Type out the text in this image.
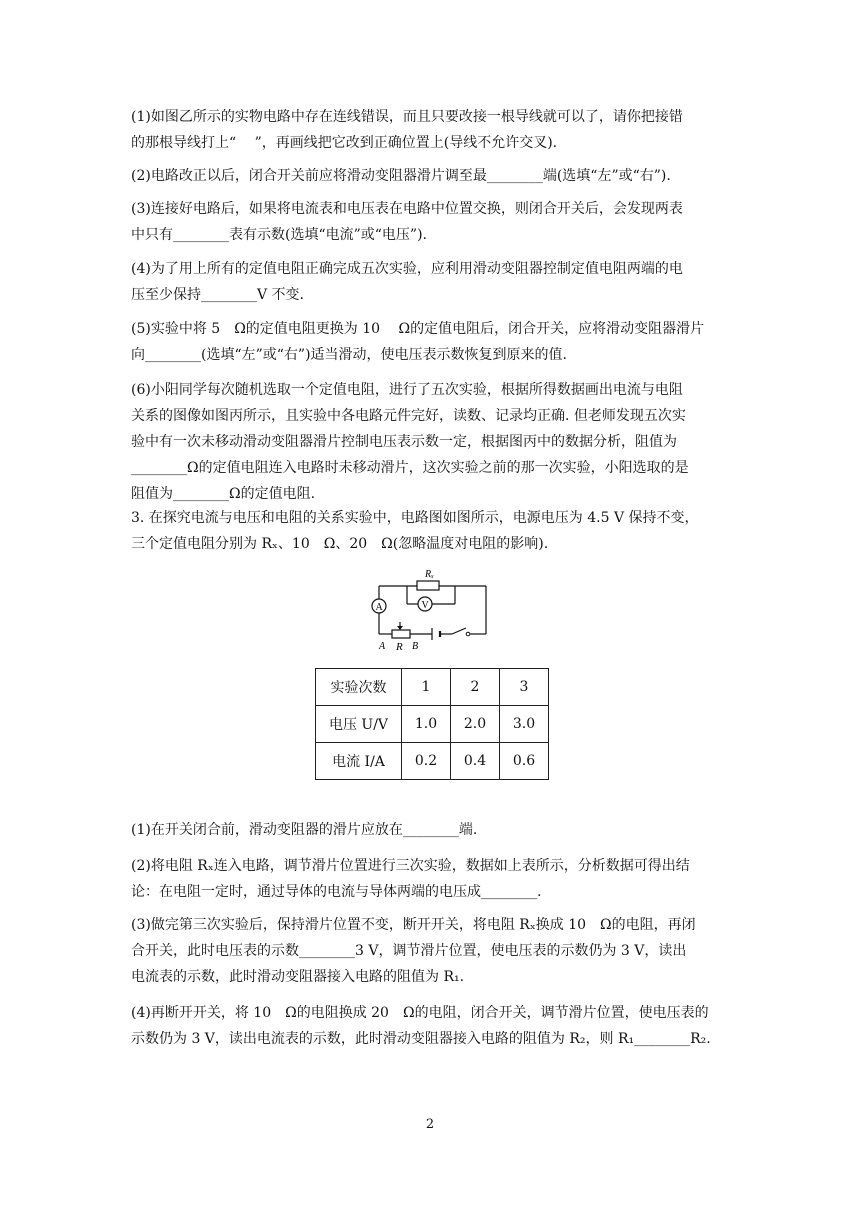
(1)如图乙所示的实物电路中存在连线错误，而且只要改接一根导线就可以了，请你把接错
的那根导线打上“　 ”，再画线把它改到正确位置上(导线不允许交叉).
(2)电路改正以后，闭合开关前应将滑动变阻器滑片调至最________端(选填“左”或“右”).
(3)连接好电路后，如果将电流表和电压表在电路中位置交换，则闭合开关后，会发现两表
中只有________表有示数(选填“电流”或“电压”).
(4)为了用上所有的定值电阻正确完成五次实验，应利用滑动变阻器控制定值电阻两端的电
压至少保持________V 不变.
(5)实验中将 5　Ω的定值电阻更换为 10　 Ω的定值电阻后，闭合开关，应将滑动变阻器滑片
向________(选填“左”或“右”)适当滑动，使电压表示数恢复到原来的值.
(6)小阳同学每次随机选取一个定值电阻，进行了五次实验，根据所得数据画出电流与电阻
关系的图像如图丙所示，且实验中各电路元件完好，读数、记录均正确. 但老师发现五次实
验中有一次未移动滑动变阻器滑片控制电压表示数一定，根据图丙中的数据分析，阻值为
________Ω的定值电阻连入电路时未移动滑片，这次实验之前的那一次实验，小阳选取的是
阻值为________Ω的定值电阻.
3. 在探究电流与电压和电阻的关系实验中，电路图如图所示，电源电压为 4.5 V 保持不变，
三个定值电阻分别为 Rₓ、10　Ω、20　Ω(忽略温度对电阻的影响).
Rₓ
A	V
A R B
实验次数	1	2	3
电压 U/V	1.0	2.0	3.0
电流 I/A	0.2	0.4	0.6
(1)在开关闭合前，滑动变阻器的滑片应放在________端.
(2)将电阻 Rₓ连入电路，调节滑片位置进行三次实验，数据如上表所示，分析数据可得出结
论：在电阻一定时，通过导体的电流与导体两端的电压成________.
(3)做完第三次实验后，保持滑片位置不变，断开开关，将电阻 Rₓ换成 10　Ω的电阻，再闭
合开关，此时电压表的示数________3 V，调节滑片位置，使电压表的示数仍为 3 V，读出
电流表的示数，此时滑动变阻器接入电路的阻值为 R₁.
(4)再断开开关，将 10　Ω的电阻换成 20　Ω的电阻，闭合开关，调节滑片位置，使电压表的
示数仍为 3 V，读出电流表的示数，此时滑动变阻器接入电路的阻值为 R₂，则 R₁________R₂.
2
